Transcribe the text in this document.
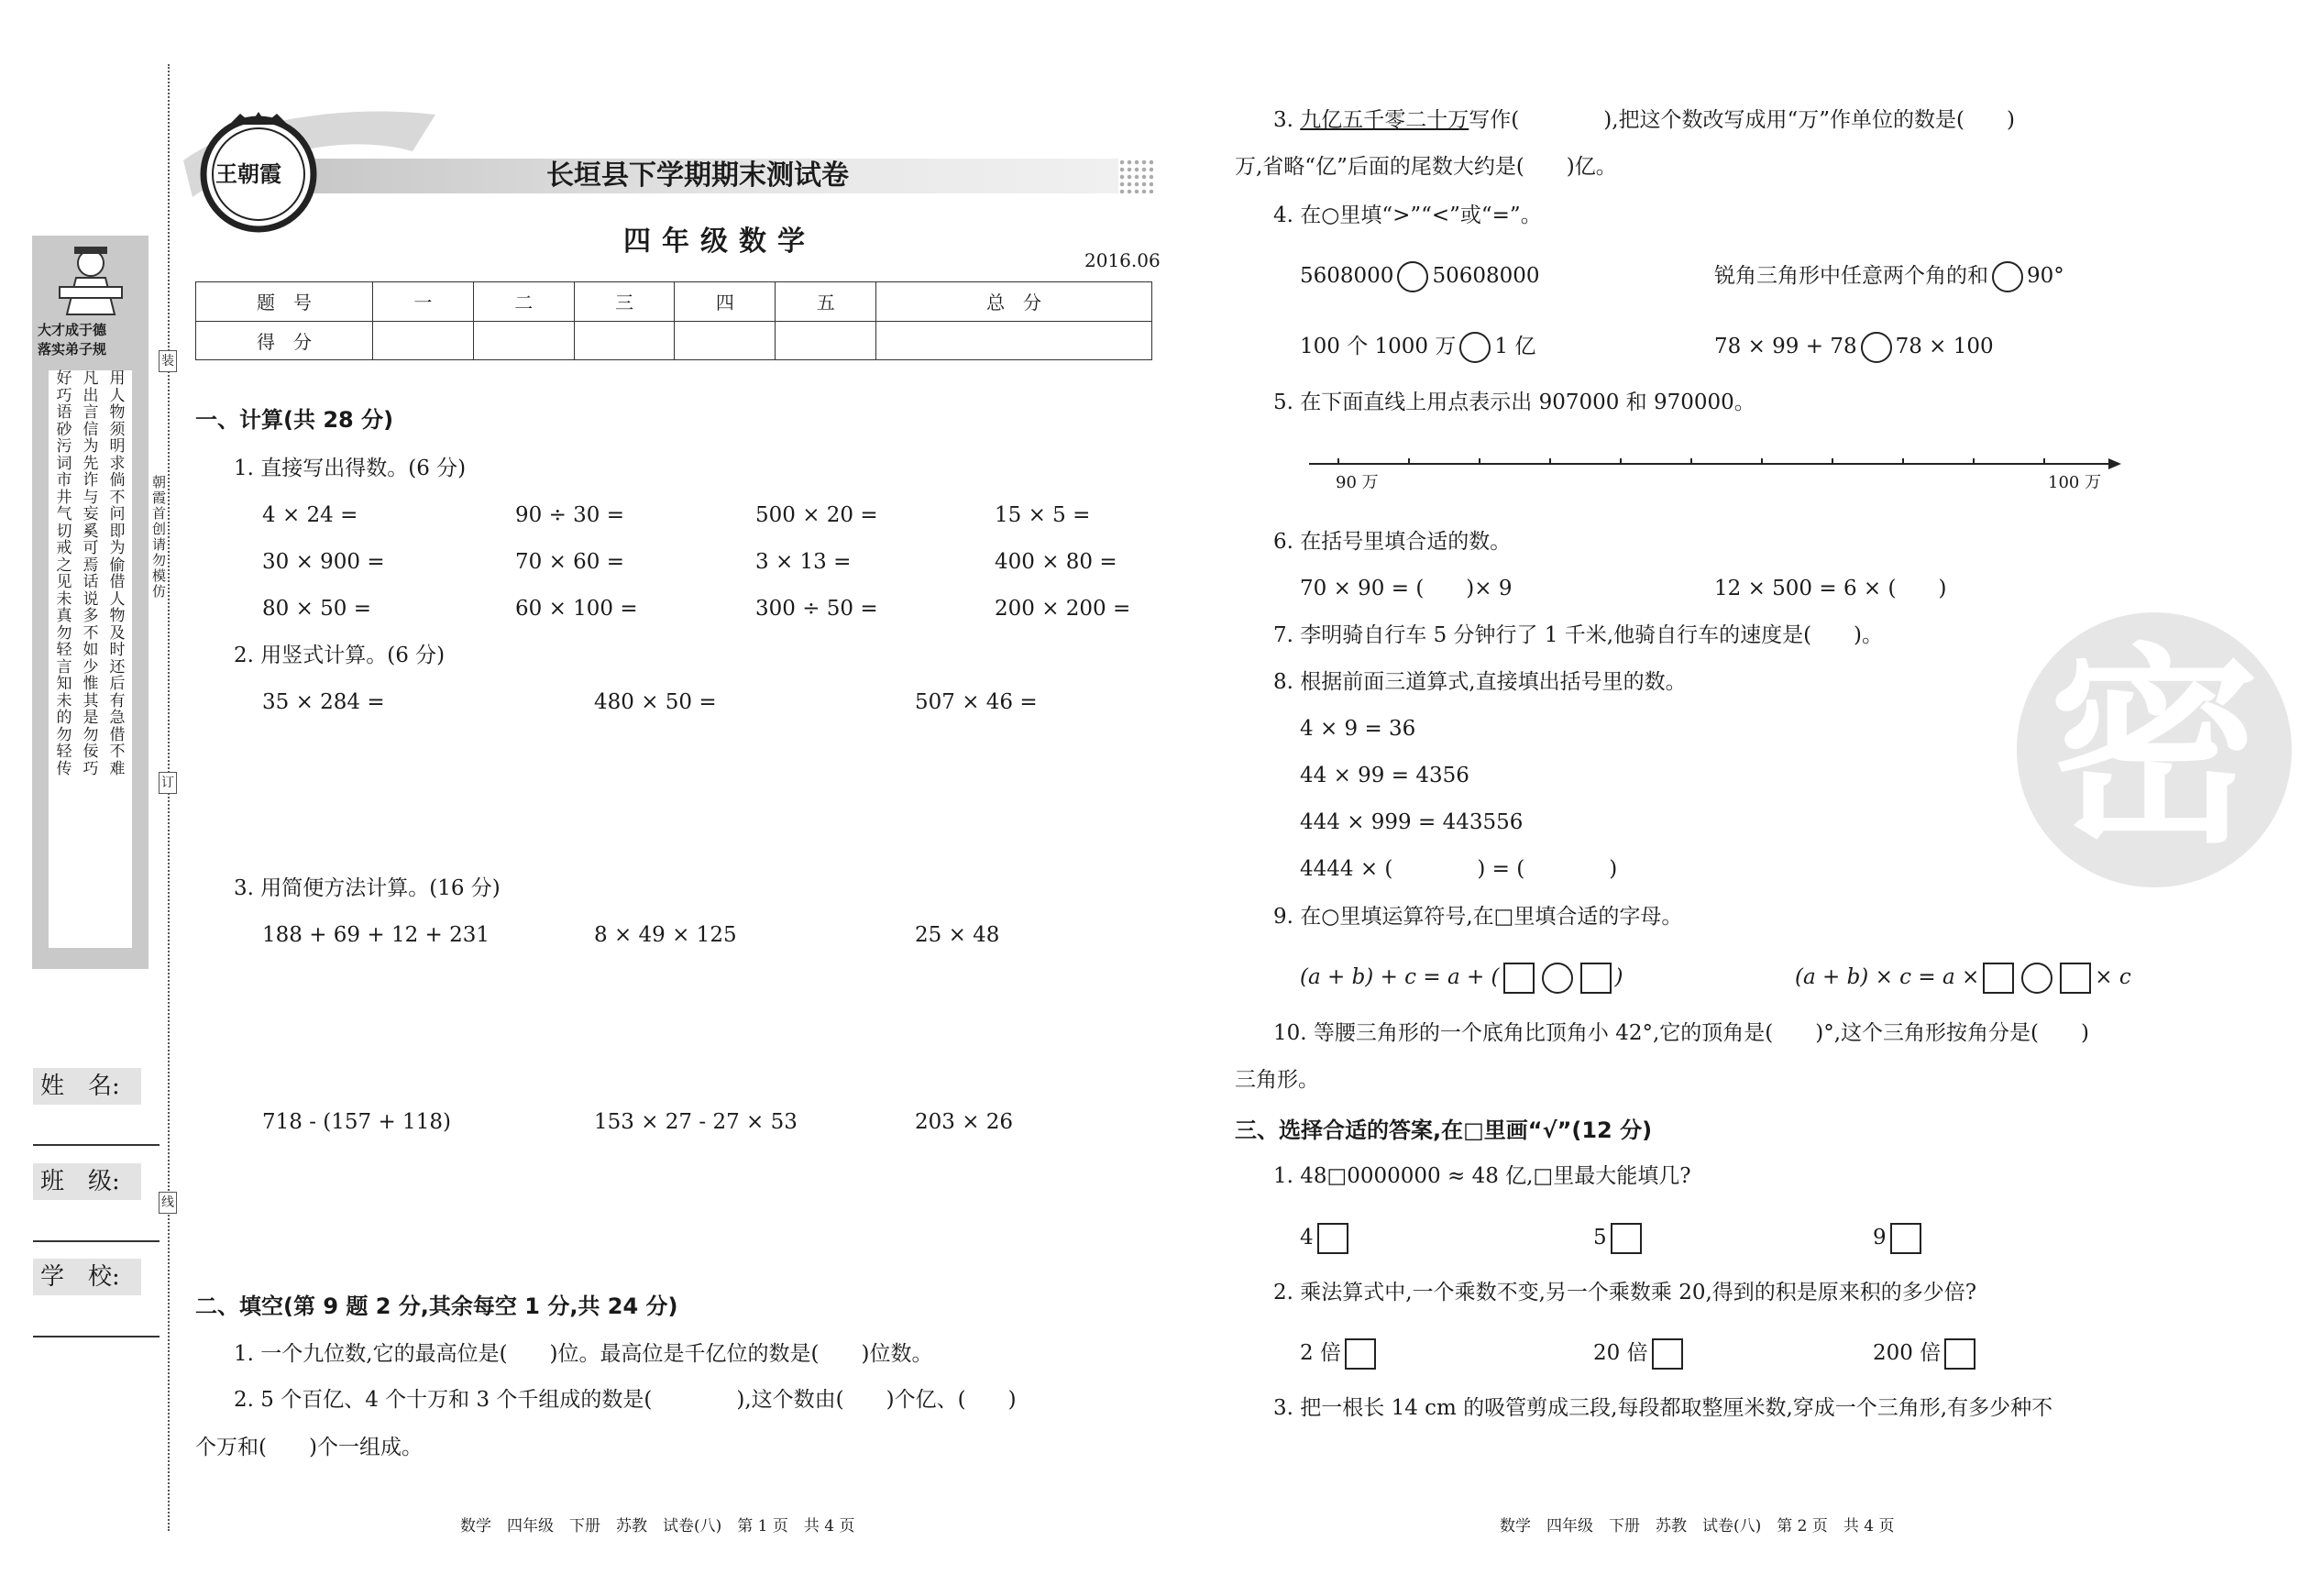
大才成于德
落实弟子规
好巧语砂污词市井气切戒之见未真勿轻言知未的勿轻传
凡出言信为先诈与妄奚可焉话说多不如少惟其是勿佞巧
用人物须明求倘不问即为偷借人物及时还后有急借不难
装
订
线
朝霞首创请勿模仿
姓　名:
班　级:
学　校:
王朝霞	长垣县下学期期末测试卷
四年级数学
2016.06
题　号	一	二	三	四	五	总　分
得　分						
一、计算(共 28 分)
1. 直接写出得数。(6 分)
4 × 24 =	90 ÷ 30 =	500 × 20 =	15 × 5 =
30 × 900 =	70 × 60 =	3 × 13 =	400 × 80 =
80 × 50 =	60 × 100 =	300 ÷ 50 =	200 × 200 =
2. 用竖式计算。(6 分)
35 × 284 =	480 × 50 =	507 × 46 =
3. 用简便方法计算。(16 分)
188 + 69 + 12 + 231	8 × 49 × 125	25 × 48
718 - (157 + 118)	153 × 27 - 27 × 53	203 × 26
二、填空(第 9 题 2 分,其余每空 1 分,共 24 分)
1. 一个九位数,它的最高位是(　　)位。最高位是千亿位的数是(　　)位数。
2. 5 个百亿、4 个十万和 3 个千组成的数是(　　　　),这个数由(　　)个亿、(　　)
个万和(　　)个一组成。
数学　四年级　下册　苏教　试卷(八)　第 1 页　共 4 页
密
3. 九亿五千零二十万写作(　　　　),把这个数改写成用“万”作单位的数是(　　)
万,省略“亿”后面的尾数大约是(　　)亿。
4. 在○里填“>”“<”或“=”。
5608000 50608000	锐角三角形中任意两个角的和 90°
100 个 1000 万 1 亿	78 × 99 + 78 78 × 100
5. 在下面直线上用点表示出 907000 和 970000。
90 万	100 万
6. 在括号里填合适的数。
70 × 90 = (　　)× 9	12 × 500 = 6 × (　　)
7. 李明骑自行车 5 分钟行了 1 千米,他骑自行车的速度是(　　)。
8. 根据前面三道算式,直接填出括号里的数。
4 × 9 = 36
44 × 99 = 4356
444 × 999 = 443556
4444 × (　　　　) = (　　　　)
9. 在○里填运算符号,在□里填合适的字母。
(a + b) + c = a + (	)	(a + b) × c = a ×	× c
10. 等腰三角形的一个底角比顶角小 42°,它的顶角是(　　)°,这个三角形按角分是(　　)
三角形。
三、选择合适的答案,在□里画“√”(12 分)
1. 48□0000000 ≈ 48 亿,□里最大能填几?
4	5	9
2. 乘法算式中,一个乘数不变,另一个乘数乘 20,得到的积是原来积的多少倍?
2 倍	20 倍	200 倍
3. 把一根长 14 cm 的吸管剪成三段,每段都取整厘米数,穿成一个三角形,有多少种不
数学　四年级　下册　苏教　试卷(八)　第 2 页　共 4 页
